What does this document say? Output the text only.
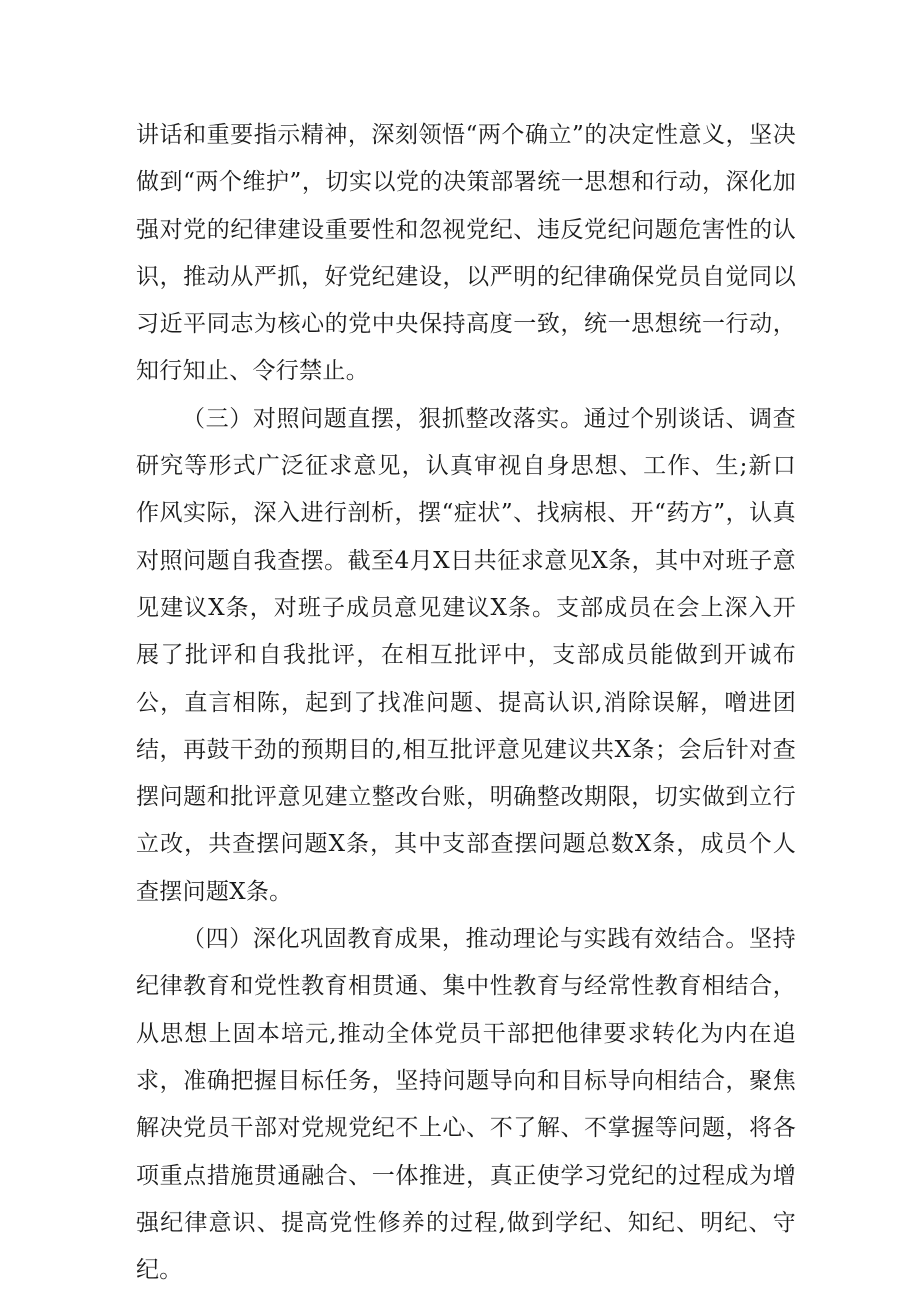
讲话和重要指示精神，深刻领悟“两个确立”的决定性意义，坚决做到“两个维护”，切实以党的决策部署统一思想和行动，深化加强对党的纪律建设重要性和忽视党纪、违反党纪问题危害性的认识，推动从严抓，好党纪建设，以严明的纪律确保党员自觉同以习近平同志为核心的党中央保持高度一致，统一思想统一行动，知行知止、令行禁止。

（三）对照问题直摆，狠抓整改落实。通过个别谈话、调查研究等形式广泛征求意见，认真审视自身思想、工作、生;新口作风实际，深入进行剖析，摆“症状”、找病根、开“药方”，认真对照问题自我查摆。截至4月X日共征求意见X条，其中对班子意见建议X条，对班子成员意见建议X条。支部成员在会上深入开展了批评和自我批评，在相互批评中，支部成员能做到开诚布公，直言相陈，起到了找准问题、提高认识,消除误解，噌进团结，再鼓干劲的预期目的,相互批评意见建议共X条；会后针对查摆问题和批评意见建立整改台账，明确整改期限，切实做到立行立改，共查摆问题X条，其中支部查摆问题总数X条，成员个人查摆问题X条。

（四）深化巩固教育成果，推动理论与实践有效结合。坚持纪律教育和党性教育相贯通、集中性教育与经常性教育相结合，从思想上固本培元,推动全体党员干部把他律要求转化为内在追求，准确把握目标任务，坚持问题导向和目标导向相结合，聚焦解决党员干部对党规党纪不上心、不了解、不掌握等问题，将各项重点措施贯通融合、一体推进，真正使学习党纪的过程成为增强纪律意识、提高党性修养的过程,做到学纪、知纪、明纪、守纪。
